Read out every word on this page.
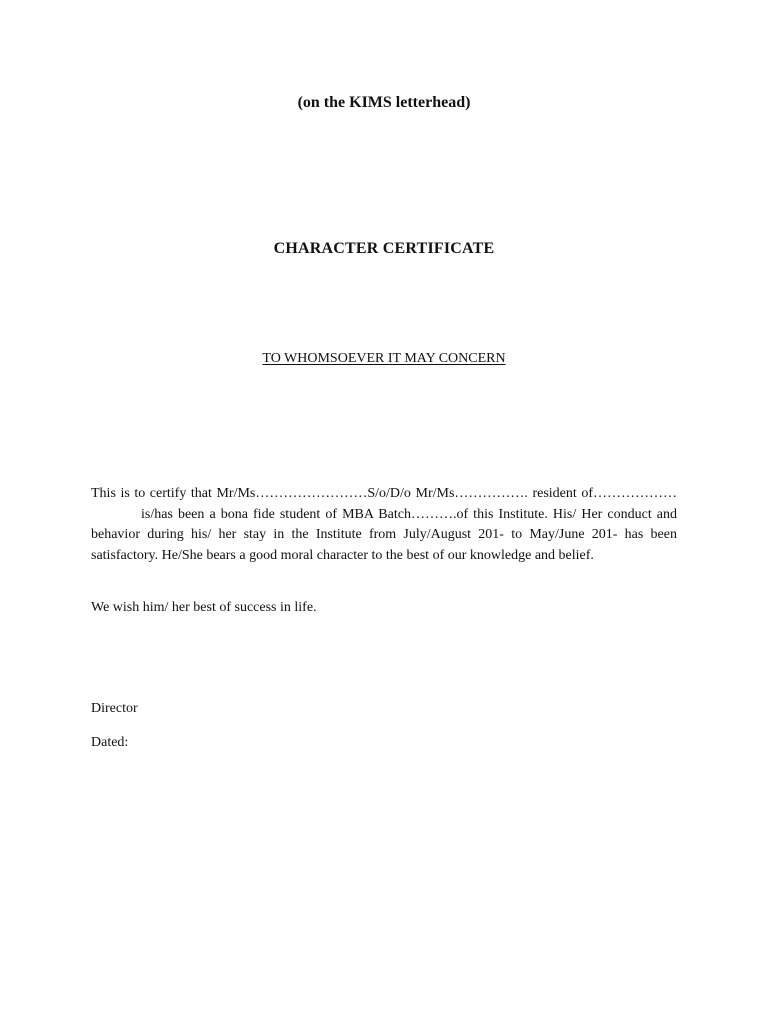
(on the KIMS letterhead)
CHARACTER CERTIFICATE
TO WHOMSOEVER IT MAY CONCERN

This is to certify that Mr/Ms……………………S/o/D/o Mr/Ms……………. resident of……………… is/has been a bona fide student of MBA Batch……….of this Institute. His/ Her conduct and behavior during his/ her stay in the Institute from July/August 201- to May/June 201- has been satisfactory. He/She bears a good moral character to the best of our knowledge and belief.

We wish him/ her best of success in life.

Director

Dated:
